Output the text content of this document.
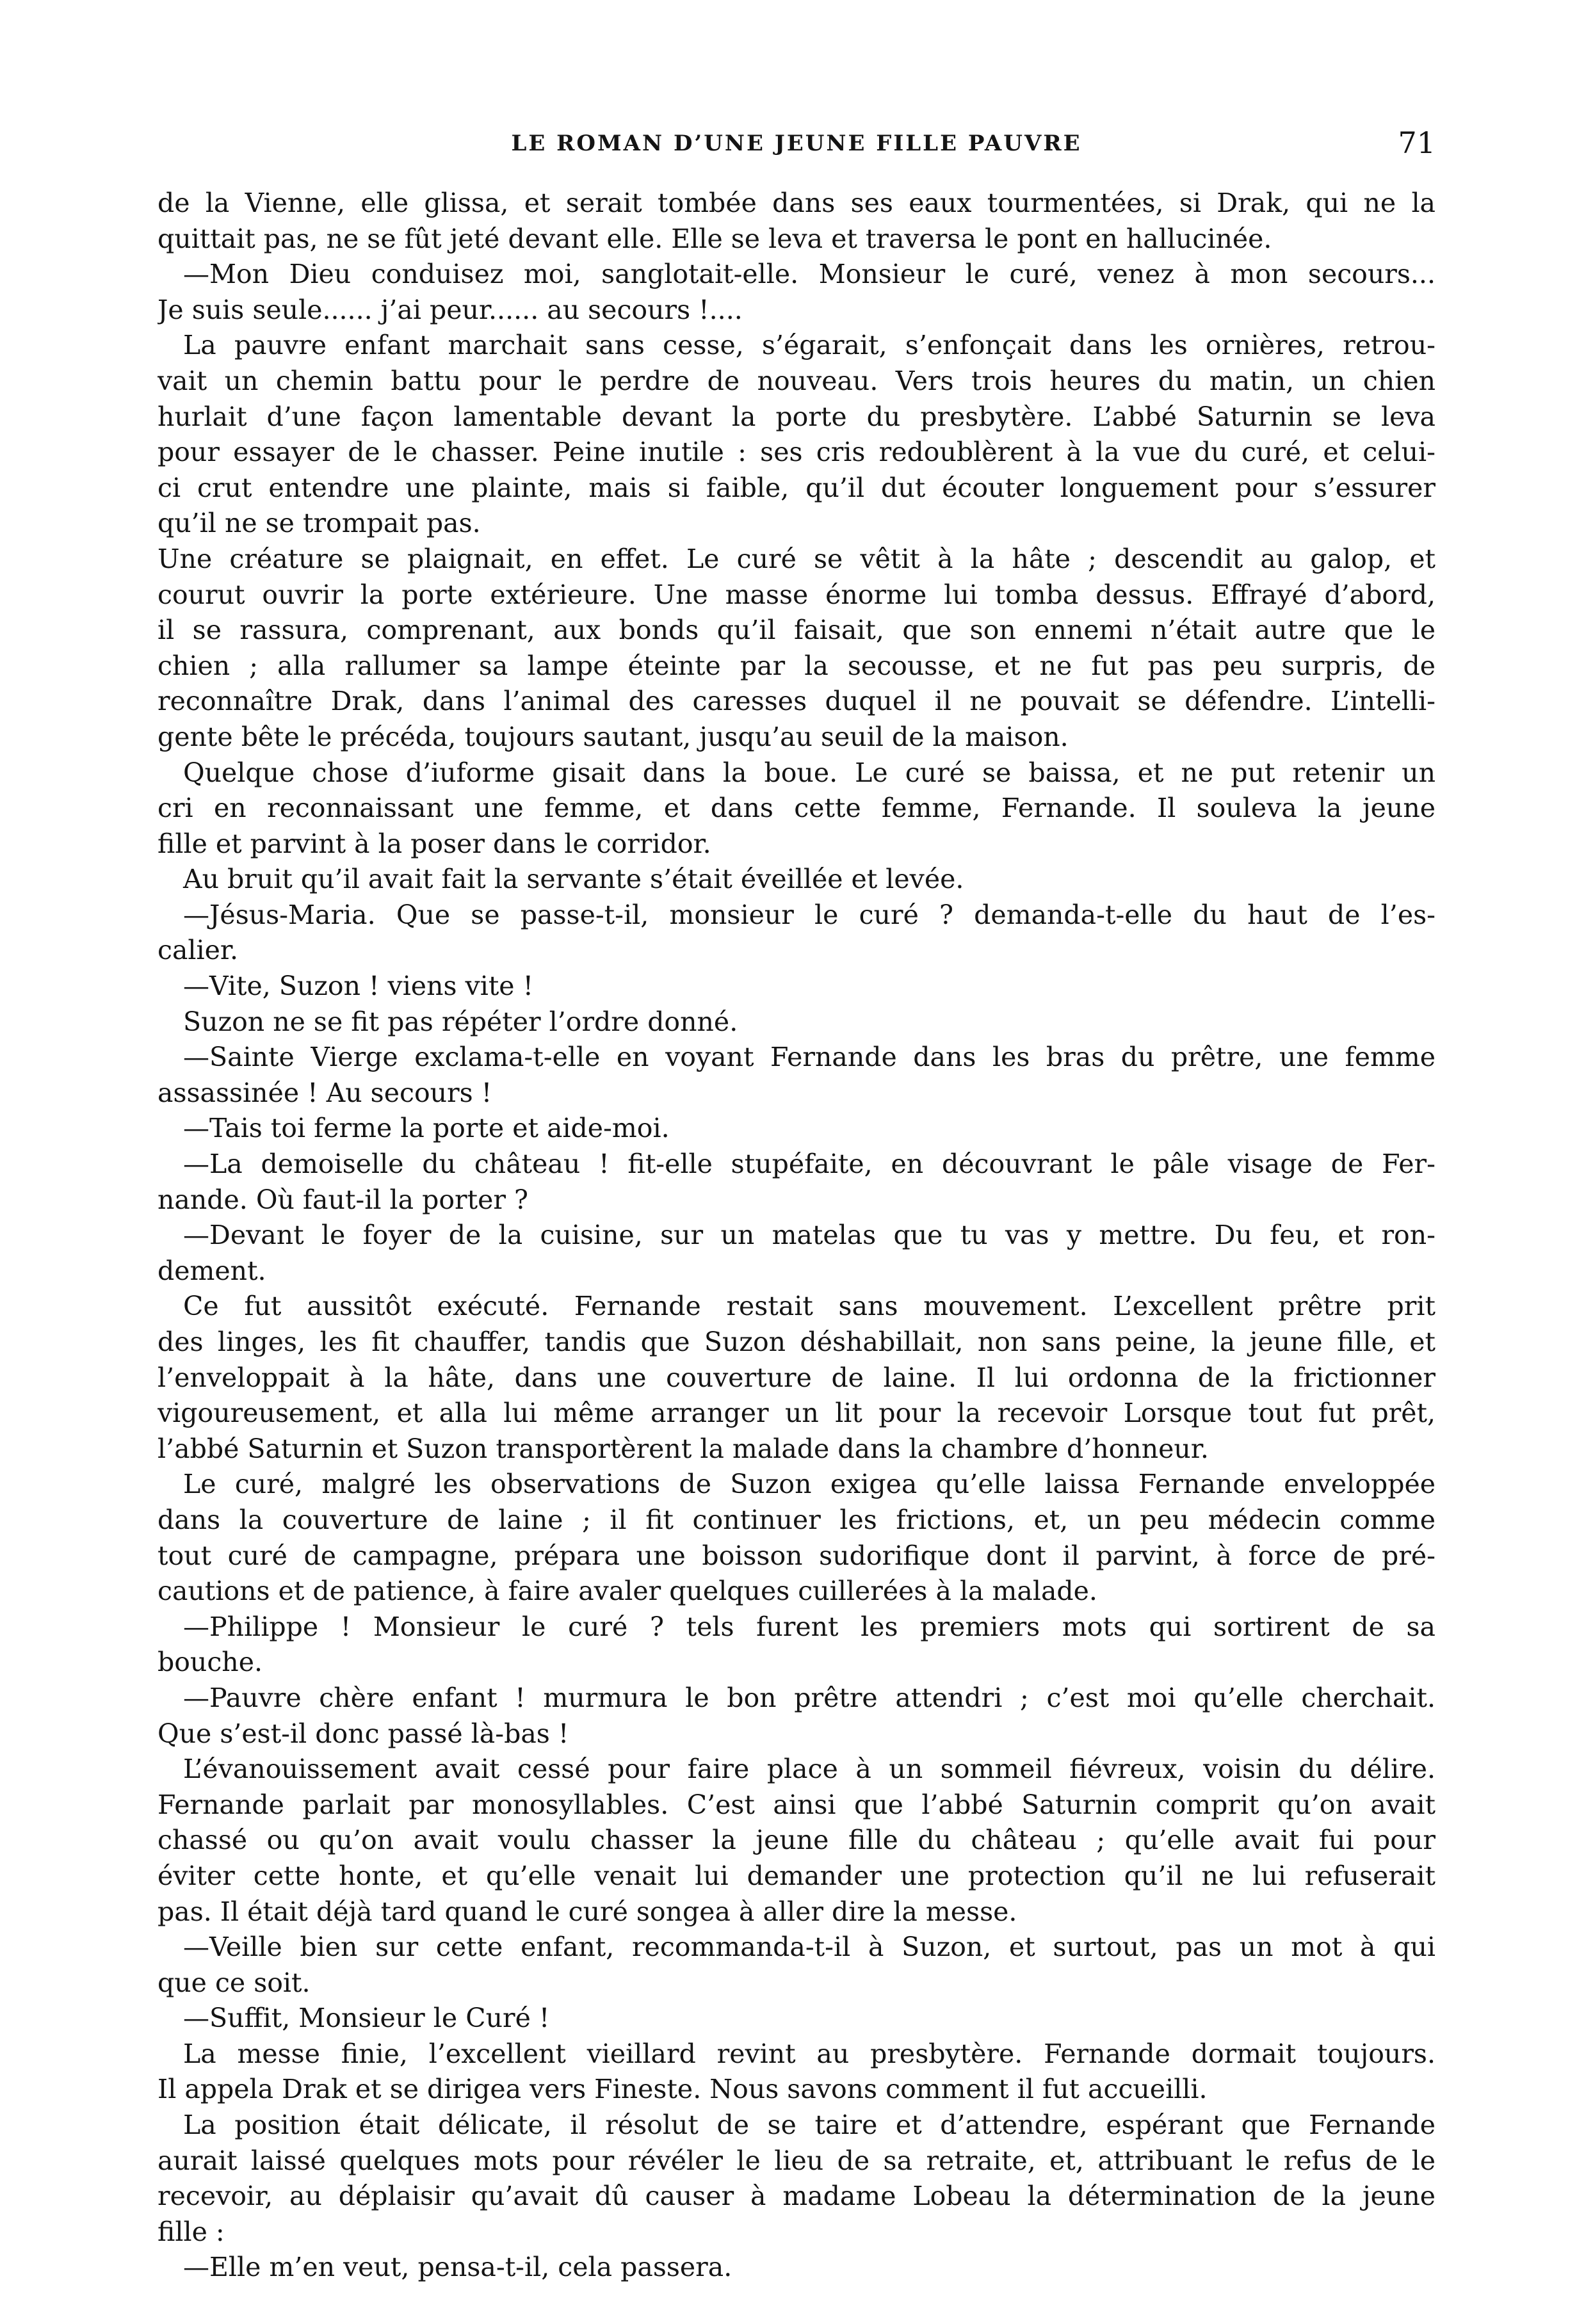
LE ROMAN D’UNE JEUNE FILLE PAUVRE	71
de la Vienne, elle glissa, et serait tombée dans ses eaux tourmentées, si Drak, qui ne la
quittait pas, ne se fût jeté devant elle. Elle se leva et traversa le pont en hallucinée.
—Mon Dieu conduisez moi, sanglotait-elle. Monsieur le curé, venez à mon secours...
Je suis seule...... j’ai peur...... au secours !....
La pauvre enfant marchait sans cesse, s’égarait, s’enfonçait dans les ornières, retrou-
vait un chemin battu pour le perdre de nouveau. Vers trois heures du matin, un chien
hurlait d’une façon lamentable devant la porte du presbytère. L’abbé Saturnin se leva
pour essayer de le chasser. Peine inutile : ses cris redoublèrent à la vue du curé, et celui-
ci crut entendre une plainte, mais si faible, qu’il dut écouter longuement pour s’essurer
qu’il ne se trompait pas.
Une créature se plaignait, en effet. Le curé se vêtit à la hâte ; descendit au galop, et
courut ouvrir la porte extérieure. Une masse énorme lui tomba dessus. Effrayé d’abord,
il se rassura, comprenant, aux bonds qu’il faisait, que son ennemi n’était autre que le
chien ; alla rallumer sa lampe éteinte par la secousse, et ne fut pas peu surpris, de
reconnaître Drak, dans l’animal des caresses duquel il ne pouvait se défendre. L’intelli-
gente bête le précéda, toujours sautant, jusqu’au seuil de la maison.
Quelque chose d’iuforme gisait dans la boue. Le curé se baissa, et ne put retenir un
cri en reconnaissant une femme, et dans cette femme, Fernande. Il souleva la jeune
fille et parvint à la poser dans le corridor.
Au bruit qu’il avait fait la servante s’était éveillée et levée.
—Jésus-Maria. Que se passe-t-il, monsieur le curé ? demanda-t-elle du haut de l’es-
calier.
—Vite, Suzon ! viens vite !
Suzon ne se fit pas répéter l’ordre donné.
—Sainte Vierge exclama-t-elle en voyant Fernande dans les bras du prêtre, une femme
assassinée ! Au secours !
—Tais toi ferme la porte et aide-moi.
—La demoiselle du château ! fit-elle stupéfaite, en découvrant le pâle visage de Fer-
nande. Où faut-il la porter ?
—Devant le foyer de la cuisine, sur un matelas que tu vas y mettre. Du feu, et ron-
dement.
Ce fut aussitôt exécuté. Fernande restait sans mouvement. L’excellent prêtre prit
des linges, les fit chauffer, tandis que Suzon déshabillait, non sans peine, la jeune fille, et
l’enveloppait à la hâte, dans une couverture de laine. Il lui ordonna de la frictionner
vigoureusement, et alla lui même arranger un lit pour la recevoir Lorsque tout fut prêt,
l’abbé Saturnin et Suzon transportèrent la malade dans la chambre d’honneur.
Le curé, malgré les observations de Suzon exigea qu’elle laissa Fernande enveloppée
dans la couverture de laine ; il fit continuer les frictions, et, un peu médecin comme
tout curé de campagne, prépara une boisson sudorifique dont il parvint, à force de pré-
cautions et de patience, à faire avaler quelques cuillerées à la malade.
—Philippe ! Monsieur le curé ? tels furent les premiers mots qui sortirent de sa
bouche.
—Pauvre chère enfant ! murmura le bon prêtre attendri ; c’est moi qu’elle cherchait.
Que s’est-il donc passé là-bas !
L’évanouissement avait cessé pour faire place à un sommeil fiévreux, voisin du délire.
Fernande parlait par monosyllables. C’est ainsi que l’abbé Saturnin comprit qu’on avait
chassé ou qu’on avait voulu chasser la jeune fille du château ; qu’elle avait fui pour
éviter cette honte, et qu’elle venait lui demander une protection qu’il ne lui refuserait
pas. Il était déjà tard quand le curé songea à aller dire la messe.
—Veille bien sur cette enfant, recommanda-t-il à Suzon, et surtout, pas un mot à qui
que ce soit.
—Suffit, Monsieur le Curé !
La messe finie, l’excellent vieillard revint au presbytère. Fernande dormait toujours.
Il appela Drak et se dirigea vers Fineste. Nous savons comment il fut accueilli.
La position était délicate, il résolut de se taire et d’attendre, espérant que Fernande
aurait laissé quelques mots pour révéler le lieu de sa retraite, et, attribuant le refus de le
recevoir, au déplaisir qu’avait dû causer à madame Lobeau la détermination de la jeune
fille :
—Elle m’en veut, pensa-t-il, cela passera.
